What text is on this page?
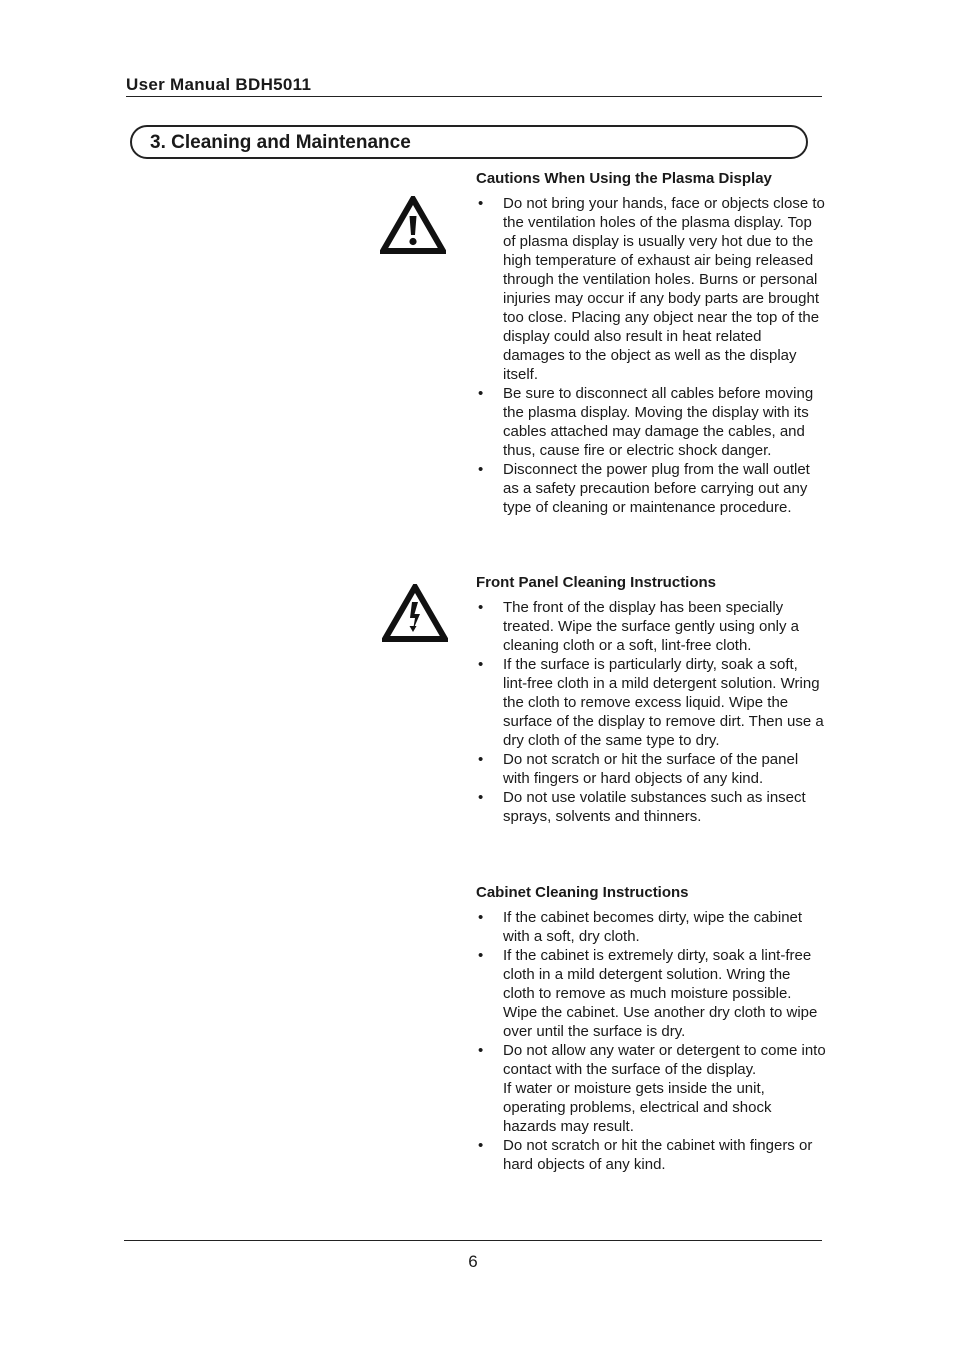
User Manual BDH5011
3. Cleaning and Maintenance
Cautions When Using the Plasma Display
• Do not bring your hands, face or objects close to the ventilation holes of the plasma display. Top of plasma display is usually very hot due to the high temperature of exhaust air being released through the ventilation holes. Burns or personal injuries may occur if any body parts are brought too close. Placing any object near the top of the display could also result in heat related damages to the object as well as the display itself.
• Be sure to disconnect all cables before moving the plasma display. Moving the display with its cables attached may damage the cables, and thus, cause fire or electric shock danger.
• Disconnect the power plug from the wall outlet as a safety precaution before carrying out any type of cleaning or maintenance procedure.
Front Panel Cleaning Instructions
• The front of the display has been specially treated. Wipe the surface gently using only a cleaning cloth or a soft, lint-free cloth.
• If the surface is particularly dirty, soak a soft, lint-free cloth in a mild detergent solution. Wring the cloth to remove excess liquid. Wipe the surface of the display to remove dirt. Then use a dry cloth of the same type to dry.
• Do not scratch or hit the surface of the panel with fingers or hard objects of any kind.
• Do not use volatile substances such as insect sprays, solvents and thinners.
Cabinet Cleaning Instructions
• If the cabinet becomes dirty, wipe the cabinet with a soft, dry cloth.
• If the cabinet is extremely dirty, soak a lint-free cloth in a mild detergent solution. Wring the cloth to remove as much moisture possible. Wipe the cabinet. Use another dry cloth to wipe over until the surface is dry.
• Do not allow any water or detergent to come into contact with the surface of the display.
If water or moisture gets inside the unit, operating problems, electrical and shock hazards may result.
• Do not scratch or hit the cabinet with fingers or hard objects of any kind.
6
